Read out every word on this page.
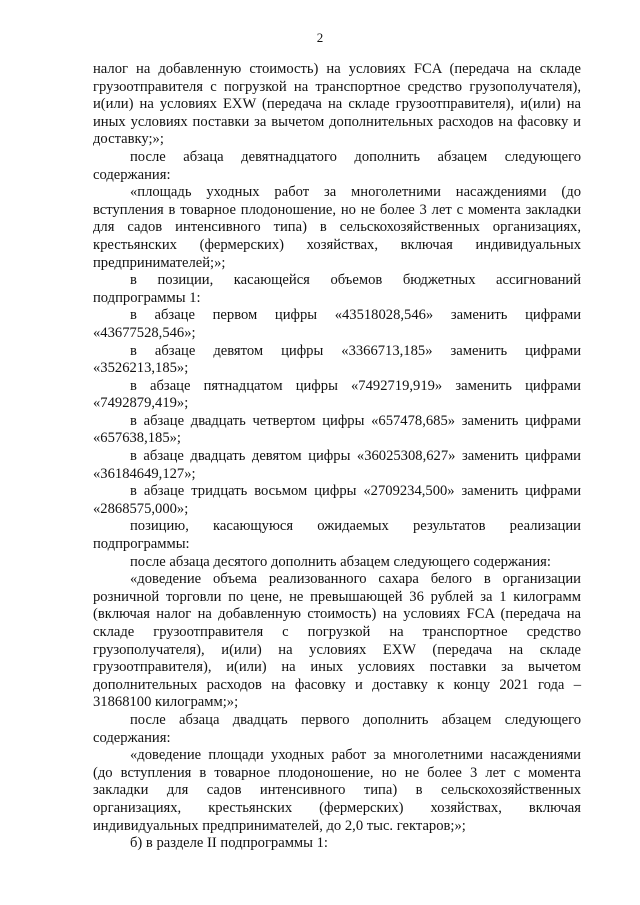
2

налог на добавленную стоимость) на условиях FCA (передача на складе грузоотправителя с погрузкой на транспортное средство грузополучателя), и(или) на условиях EXW (передача на складе грузоотправителя), и(или) на иных условиях поставки за вычетом дополнительных расходов на фасовку и доставку;»;

после абзаца девятнадцатого дополнить абзацем следующего содержания:

«площадь уходных работ за многолетними насаждениями (до вступления в товарное плодоношение, но не более 3 лет с момента закладки для садов интенсивного типа) в сельскохозяйственных организациях, крестьянских (фермерских) хозяйствах, включая индивидуальных предпринимателей;»;

в позиции, касающейся объемов бюджетных ассигнований подпрограммы 1:

в абзаце первом цифры «43518028,546» заменить цифрами «43677528,546»;

в абзаце девятом цифры «3366713,185» заменить цифрами «3526213,185»;

в абзаце пятнадцатом цифры «7492719,919» заменить цифрами «7492879,419»;

в абзаце двадцать четвертом цифры «657478,685» заменить цифрами «657638,185»;

в абзаце двадцать девятом цифры «36025308,627» заменить цифрами «36184649,127»;

в абзаце тридцать восьмом цифры «2709234,500» заменить цифрами «2868575,000»;

позицию, касающуюся ожидаемых результатов реализации подпрограммы:

после абзаца десятого дополнить абзацем следующего содержания:

«доведение объема реализованного сахара белого в организации розничной торговли по цене, не превышающей 36 рублей за 1 килограмм (включая налог на добавленную стоимость) на условиях FCA (передача на складе грузоотправителя с погрузкой на транспортное средство грузополучателя), и(или) на условиях EXW (передача на складе грузоотправителя), и(или) на иных условиях поставки за вычетом дополнительных расходов на фасовку и доставку к концу 2021 года – 31868100 килограмм;»;

после абзаца двадцать первого дополнить абзацем следующего содержания:

«доведение площади уходных работ за многолетними насаждениями (до вступления в товарное плодоношение, но не более 3 лет с момента закладки для садов интенсивного типа) в сельскохозяйственных организациях, крестьянских (фермерских) хозяйствах, включая индивидуальных предпринимателей, до 2,0 тыс. гектаров;»;

б) в разделе II подпрограммы 1:
